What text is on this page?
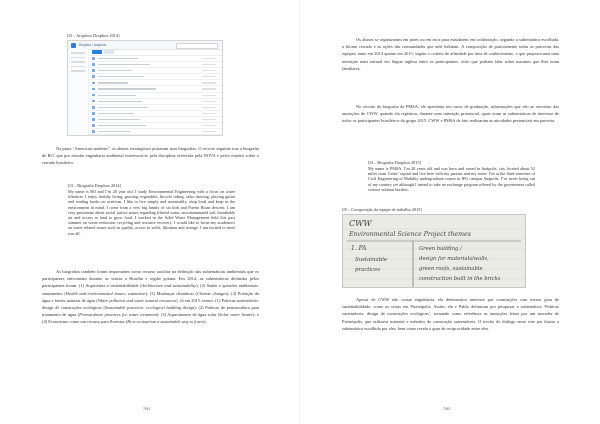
[f2 – Arquivos Dropbox 2014]
Dropbox › Arquivos

Na pasta “American students”, os alunos estrangeiros postaram suas biografias. O recorte seguinte traz a biografia de RO, que por estudar engenharia ambiental interessou-se pela disciplina oferecida pela NOVA e pelos estudos sobre o cerrado brasileiro.

[f3 – Biografia Dropbox 2014]

My name is RO and I’m 20 year old. I study Environmental Engineering with a focus on water filtration. I enjoy healthy living, growing vegetables, bicycle riding, salsa dancing, playing guitar and reading books on activism. I like to live simply and sustainably, shop local and keep in the environment in mind. I come from a very big family of six kids and Puerto Rican descent. I am very passionate about social justice issues regarding filtered water, uncontaminated soil, breathable air and access to land to grow food. I worked in the Solid Waste Management field this past summer on waste reduction, recycling and resource recovery. I would like to focus my academics on water related issues such as quality, access to wells, filtration and storage. I am excited to meet you all.

As biografias também foram importantes como recurso auxiliar na definição das subtemáticas ambientais que os participantes enfocariam durante as visitas a Brasília e região goiana. Em 2014, as subtemáticas definidas pelos participantes foram: (1) Arquitetura e sustentabilidade (Architecture and sustainability); (2) Saúde e questões ambientais: saneamento (Health and environmental issues: sanitation); (3) Mudanças climáticas (Climate changes); (4) Poluição da água e fontes naturais de água (Water pollution and water natural resources). Já em 2015, temos: (1) Práticas sustentáveis: design de construções ecológicas (Sustainable practices: ecological building design); (2) Práticas de permacultura para tratamento de água (Permaculture practices for water treatment); (3) Aquecimento de água solar (Solar water heater); e (4) Ecoturismo como um recurso para florestas (How ecotourism a sustainable way to forest).

7/91

Os alunos se organizaram em pares ou em trios para estudarem em colaboração, segundo a subtemática escolhida, o bioma cerrado e as ações das comunidades que nele habitam. A composição de praticamente todas as parcerias das equipes, tanto em 2014 quanto em 2015, seguiu o critério de afinidade por área de conhecimento, o que proporcionou uma interação mais natural em língua inglesa entre os participantes, visto que podiam falar sobre assuntos que lhes eram familiares.

No recorte da biografia de PMSA, ele apresenta seu curso de graduação, informações que vão ao encontro das anotações de CWW, quando ela registrou, durante uma interação presencial, quais eram as subtemáticas de interesse de todos os participantes brasileiros do grupo 2015. CWW e PMSA de fato realizaram as atividades presenciais em parceria.

[f4 – Biografia Dropbox 2015]

My name is PMSA. I’m 20 years old and was born and raised in Anápolis, city located about 52 miles from Goiás’ capital and live here with my parents and my sister. I’m at the third semester of Civil Engineering of Mobility undergraduate course in IFG campus Anápolis. I’ve never being out of my country yet although I intend to take an exchange program offered by the government called science without borders.

[f5 – Composição da equipe de trabalho 2015]
CWW
Environmental Science Project themes
1. PA
Sustainable
practices
Green building /
design for materials/walls,
green roofs, sustainable
construction built in the bricks

Apesar de CWW não cursar engenharia, ela demonstrou interesse por construções com menor grau de sustentabilidade, como as vistas em Pirenópolis. Assim, ela e Pablo definiram por pesquisar a subtemática ‘Práticas sustentáveis: design de construções ecológicas’, tornando como referência as anotações feitas por um morador de Pirenópolis, que utilizava material e métodos de construção sustentáveis. O trecho do diálogo entre este par ilustra a subtemática escolhida por eles, bem como revela o grau de reciprocidade entre eles.

7/92
